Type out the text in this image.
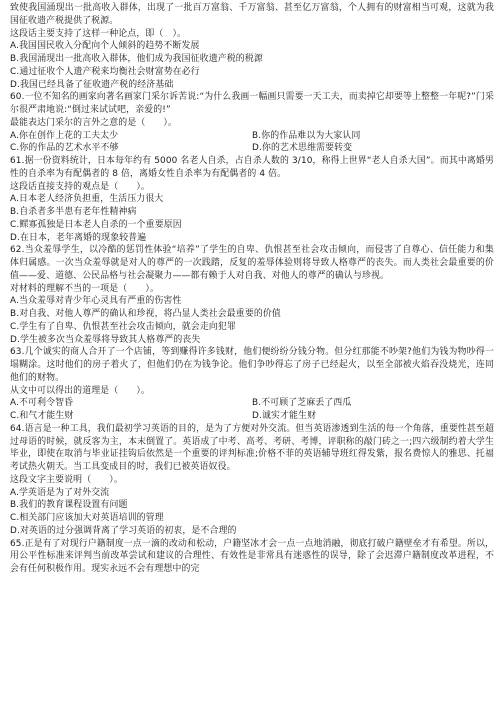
致使我国涌现出一批高收入群体，出现了一批百万富翁、千万富翁、甚至亿万富翁，个人拥有的财富相当可观，这就为我国征收遗产税提供了税源。

这段话主要支持了这样一种论点，即（　）。

A.我国国民收入分配向个人倾斜的趋势不断发展

B.我国涌现出一批高收入群体，他们成为我国征收遗产税的税源

C.通过征收个人遗产税来均衡社会财富势在必行

D.我国已经具备了征收遗产税的经济基础

60.一位不知名的画家向著名画家门采尔诉苦说:“为什么我画一幅画只需要一天工夫，而卖掉它却要等上整整一年呢?”门采尔很严肃地说:“倒过来试试吧，亲爱的!”

最能表达门采尔的言外之意的是（　　）。

A.你在创作上花的工夫太少	B.你的作品难以为大家认同

C.你的作品的艺术水平不够	D.你的艺术思维需要转变

61.据一份资料统计，日本每年约有 5000 名老人自杀，占自杀人数的 3/10，称得上世界“老人自杀大国”。而其中离婚男性的自杀率为有配偶者的 8 倍，离婚女性自杀率为有配偶者的 4 倍。

这段话直接支持的观点是（　　）。

A.日本老人经济负担重，生活压力很大

B.自杀者多半患有老年性精神病

C.鳏寡孤独是日本老人自杀的一个重要原因

D.在日本，老年离婚的现象较普遍

62.当众羞辱学生，以冷酷的惩罚性体验“培养”了学生的自卑、仇恨甚至社会攻击倾向，而侵害了自尊心、信任能力和集体归属感。一次当众羞辱就是对人的尊严的一次践踏，反复的羞辱体验则将导致人格尊严的丧失。而人类社会最重要的价值——爱、道德、公民品格与社会凝聚力——都有赖于人对自我、对他人的尊严的确认与珍视。

对材料的理解不当的一项是（　　）。

A.当众羞辱对青少年心灵具有严重的伤害性

B.对自我、对他人尊严的确认和珍视，将凸显人类社会最重要的价值

C.学生有了自卑、仇恨甚至社会攻击倾向，就会走向犯罪

D.学生被多次当众羞辱将导致其人格尊严的丧失

63.几个诚实的商人合开了一个店铺，等到赚得许多钱财，他们便纷纷分钱分物。但分红那能不吵架?他们为钱为物吵得一塌糊涂。这时他们的房子着火了，但他们仍在为钱争论。他们争吵得忘了房子已经起火，以至全部被火焰吞没烧光，连同他们的财物。

从文中可以得出的道理是（　　）。

A.不可利令智昏	B.不可顾了芝麻丢了西瓜

C.和气才能生财	D.诚实才能生财

64.语言是一种工具，我们最初学习英语的目的，是为了方便对外交流。但当英语渗透到生活的每一个角落，重要性甚至超过母语的时候，就反客为主，本末倒置了。英语成了中考、高考、考研、考博，评职称的敲门砖之一;四六级制约着大学生毕业，即使在取消与毕业证挂钩后依然是一个重要的评判标准;价格不菲的英语辅导班红得发紫，报名费惊人的雅思、托福考试热火朝天。当工具变成目的时，我们已被英语奴役。

这段文字主要说明（　　）。

A.学英语是为了对外交流

B.我们的教育课程设置有问题

C.相关部门应该加大对英语培训的管理

D.对英语的过分强调背离了学习英语的初衷，是不合理的

65.正是有了对现行户籍制度一点一滴的改动和松动，户籍坚冰才会一点一点地消融，彻底打破户籍壁垒才有希望。所以，用公平性标准来评判当前改革尝试和建议的合理性、有效性是非常具有迷惑性的误导，除了会迟滞户籍制度改革进程，不会有任何积极作用。现实永远不会有理想中的完
